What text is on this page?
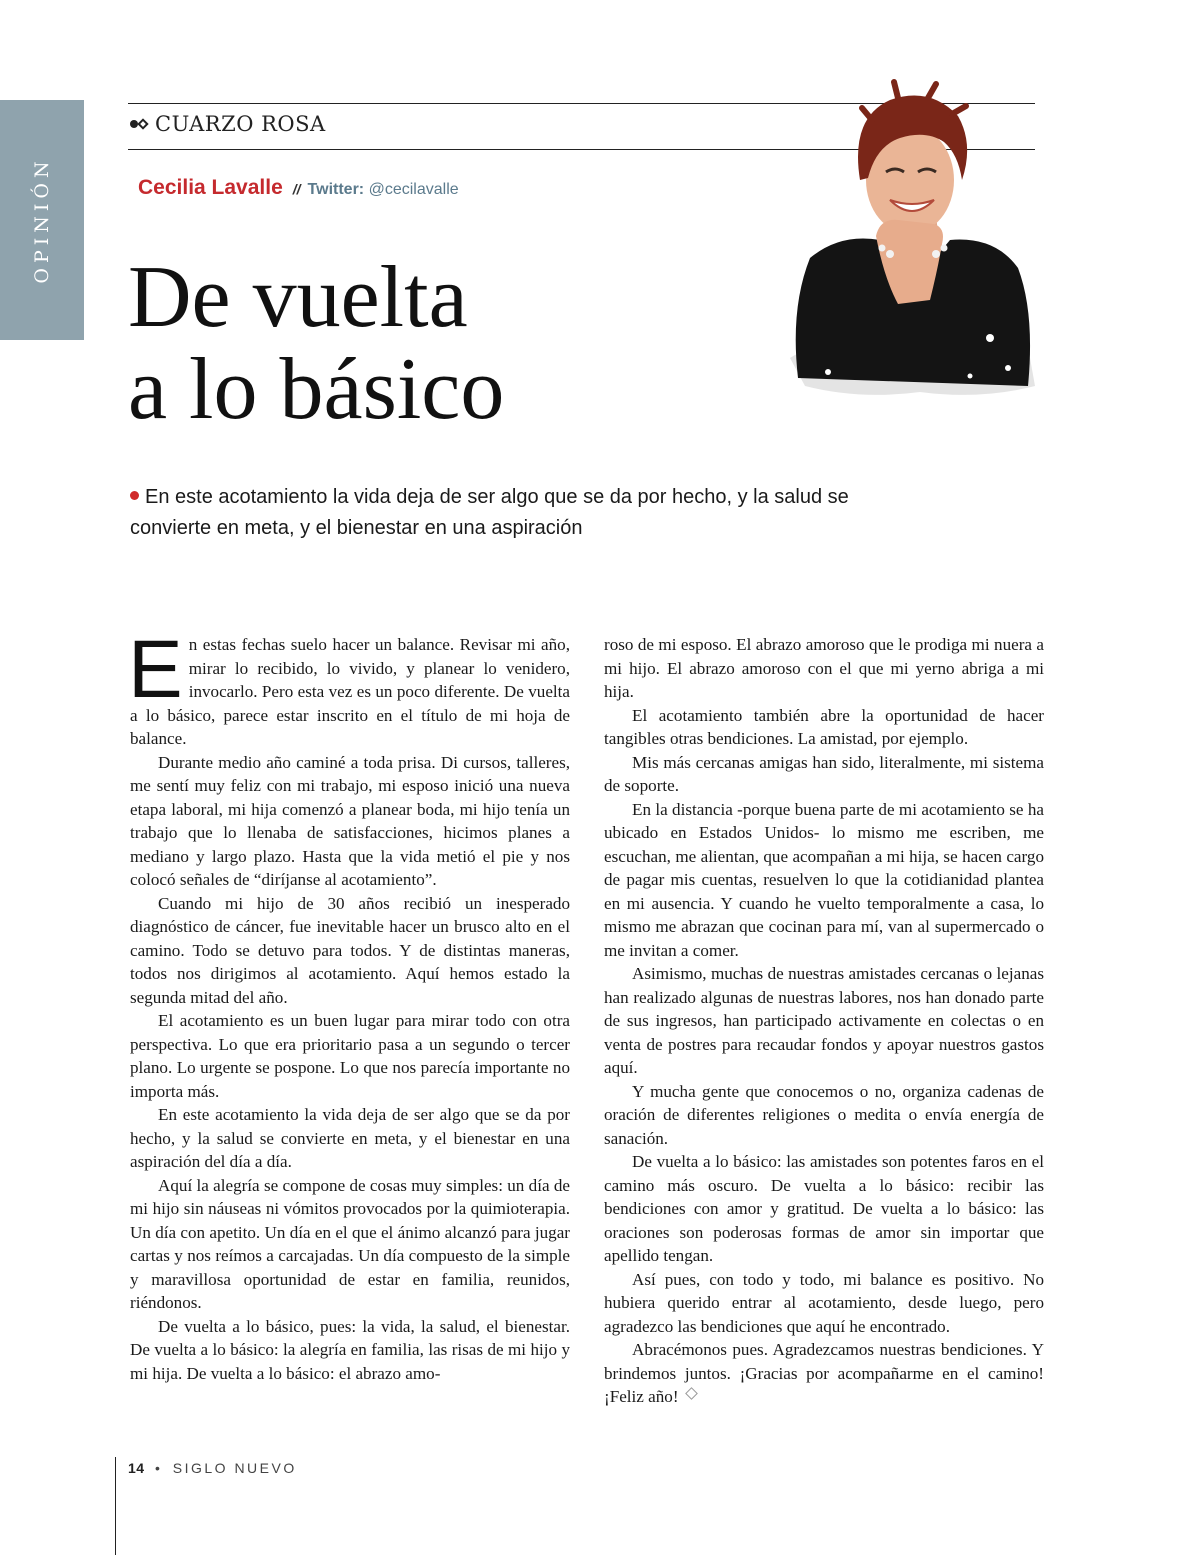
OPINIÓN
CUARZO ROSA
Cecilia Lavalle // Twitter: @cecilavalle
De vuelta
a lo básico
En este acotamiento la vida deja de ser algo que se da por hecho, y la salud se convierte en meta, y el bienestar en una aspiración

En estas fechas suelo hacer un balance. Revisar mi año, mirar lo recibido, lo vivido, y planear lo venidero, invocarlo. Pero esta vez es un poco diferente. De vuelta a lo básico, parece estar inscrito en el título de mi hoja de balance.

Durante medio año caminé a toda prisa. Di cursos, talleres, me sentí muy feliz con mi trabajo, mi esposo inició una nueva etapa laboral, mi hija comenzó a planear boda, mi hijo tenía un trabajo que lo llenaba de satisfacciones, hicimos planes a mediano y largo plazo. Hasta que la vida metió el pie y nos colocó señales de “diríjanse al acotamiento”.

Cuando mi hijo de 30 años recibió un inesperado diagnóstico de cáncer, fue inevitable hacer un brusco alto en el camino. Todo se detuvo para todos. Y de distintas maneras, todos nos dirigimos al acotamiento. Aquí hemos estado la segunda mitad del año.

El acotamiento es un buen lugar para mirar todo con otra perspectiva. Lo que era prioritario pasa a un segundo o tercer plano. Lo urgente se pospone. Lo que nos parecía importante no importa más.

En este acotamiento la vida deja de ser algo que se da por hecho, y la salud se convierte en meta, y el bienestar en una aspiración del día a día.

Aquí la alegría se compone de cosas muy simples: un día de mi hijo sin náuseas ni vómitos provocados por la quimioterapia. Un día con apetito. Un día en el que el ánimo alcanzó para jugar cartas y nos reímos a carcajadas. Un día compuesto de la simple y maravillosa oportunidad de estar en familia, reunidos, riéndonos.

De vuelta a lo básico, pues: la vida, la salud, el bienestar. De vuelta a lo básico: la alegría en familia, las risas de mi hijo y mi hija. De vuelta a lo básico: el abrazo amo-

roso de mi esposo. El abrazo amoroso que le prodiga mi nuera a mi hijo. El abrazo amoroso con el que mi yerno abriga a mi hija.

El acotamiento también abre la oportunidad de hacer tangibles otras bendiciones. La amistad, por ejemplo.

Mis más cercanas amigas han sido, literalmente, mi sistema de soporte.

En la distancia -porque buena parte de mi acotamiento se ha ubicado en Estados Unidos- lo mismo me escriben, me escuchan, me alientan, que acompañan a mi hija, se hacen cargo de pagar mis cuentas, resuelven lo que la cotidianidad plantea en mi ausencia. Y cuando he vuelto temporalmente a casa, lo mismo me abrazan que cocinan para mí, van al supermercado o me invitan a comer.

Asimismo, muchas de nuestras amistades cercanas o lejanas han realizado algunas de nuestras labores, nos han donado parte de sus ingresos, han participado activamente en colectas o en venta de postres para recaudar fondos y apoyar nuestros gastos aquí.

Y mucha gente que conocemos o no, organiza cadenas de oración de diferentes religiones o medita o envía energía de sanación.

De vuelta a lo básico: las amistades son potentes faros en el camino más oscuro. De vuelta a lo básico: recibir las bendiciones con amor y gratitud. De vuelta a lo básico: las oraciones son poderosas formas de amor sin importar que apellido tengan.

Así pues, con todo y todo, mi balance es positivo. No hubiera querido entrar al acotamiento, desde luego, pero agradezco las bendiciones que aquí he encontrado.

Abracémonos pues. Agradezcamos nuestras bendiciones. Y brindemos juntos. ¡Gracias por acompañarme en el camino! ¡Feliz año!

14 • SIGLO NUEVO
